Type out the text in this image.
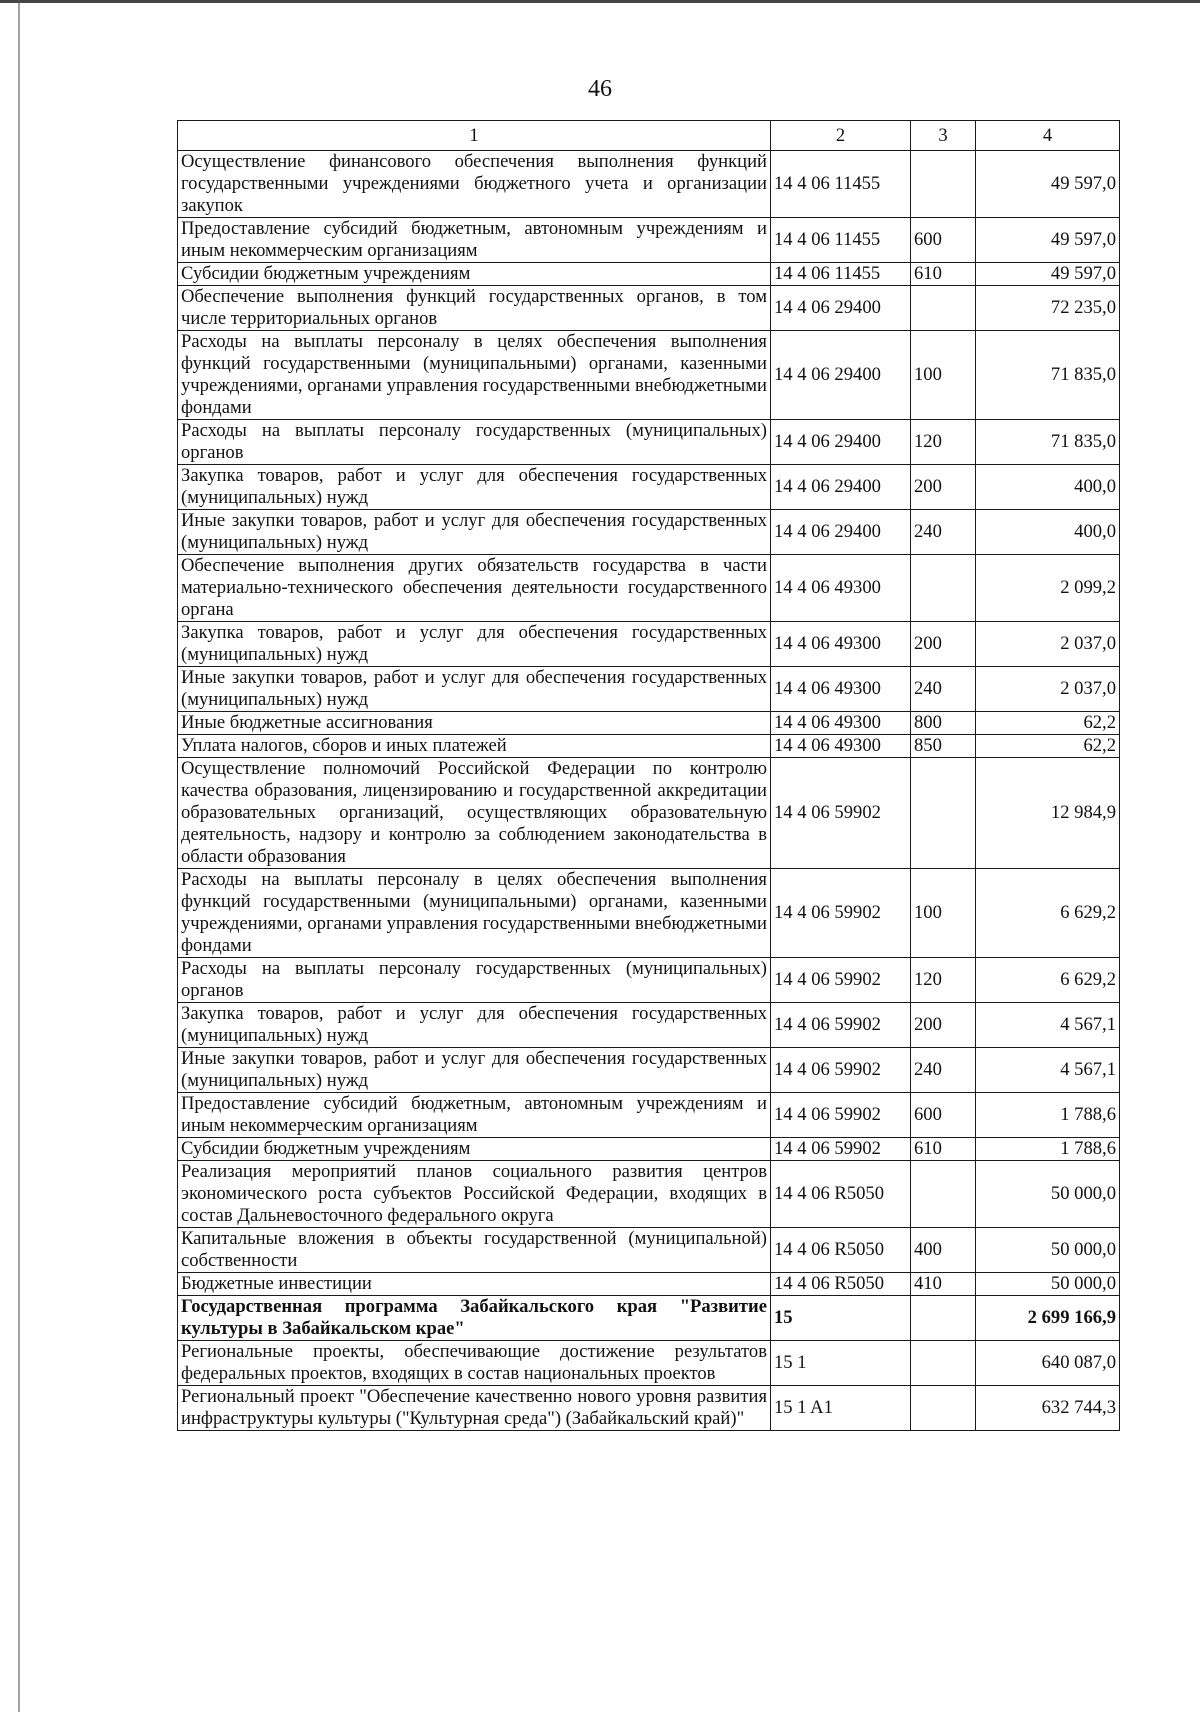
46
1	2	3	4
Осуществление финансового обеспечения выполнения функций государственными учреждениями бюджетного учета и организации закупок	14 4 06 11455		49 597,0
Предоставление субсидий бюджетным, автономным учреждениям и иным некоммерческим организациям	14 4 06 11455	600	49 597,0
Субсидии бюджетным учреждениям	14 4 06 11455	610	49 597,0
Обеспечение выполнения функций государственных органов, в том числе территориальных органов	14 4 06 29400		72 235,0
Расходы на выплаты персоналу в целях обеспечения выполнения функций государственными (муниципальными) органами, казенными учреждениями, органами управления государственными внебюджетными фондами	14 4 06 29400	100	71 835,0
Расходы на выплаты персоналу государственных (муниципальных) органов	14 4 06 29400	120	71 835,0
Закупка товаров, работ и услуг для обеспечения государственных (муниципальных) нужд	14 4 06 29400	200	400,0
Иные закупки товаров, работ и услуг для обеспечения государственных (муниципальных) нужд	14 4 06 29400	240	400,0
Обеспечение выполнения других обязательств государства в части материально-технического обеспечения деятельности государственного органа	14 4 06 49300		2 099,2
Закупка товаров, работ и услуг для обеспечения государственных (муниципальных) нужд	14 4 06 49300	200	2 037,0
Иные закупки товаров, работ и услуг для обеспечения государственных (муниципальных) нужд	14 4 06 49300	240	2 037,0
Иные бюджетные ассигнования	14 4 06 49300	800	62,2
Уплата налогов, сборов и иных платежей	14 4 06 49300	850	62,2
Осуществление полномочий Российской Федерации по контролю качества образования, лицензированию и государственной аккредитации образовательных организаций, осуществляющих образовательную деятельность, надзору и контролю за соблюдением законодательства в области образования	14 4 06 59902		12 984,9
Расходы на выплаты персоналу в целях обеспечения выполнения функций государственными (муниципальными) органами, казенными учреждениями, органами управления государственными внебюджетными фондами	14 4 06 59902	100	6 629,2
Расходы на выплаты персоналу государственных (муниципальных) органов	14 4 06 59902	120	6 629,2
Закупка товаров, работ и услуг для обеспечения государственных (муниципальных) нужд	14 4 06 59902	200	4 567,1
Иные закупки товаров, работ и услуг для обеспечения государственных (муниципальных) нужд	14 4 06 59902	240	4 567,1
Предоставление субсидий бюджетным, автономным учреждениям и иным некоммерческим организациям	14 4 06 59902	600	1 788,6
Субсидии бюджетным учреждениям	14 4 06 59902	610	1 788,6
Реализация мероприятий планов социального развития центров экономического роста субъектов Российской Федерации, входящих в состав Дальневосточного федерального округа	14 4 06 R5050		50 000,0
Капитальные вложения в объекты государственной (муниципальной) собственности	14 4 06 R5050	400	50 000,0
Бюджетные инвестиции	14 4 06 R5050	410	50 000,0
Государственная программа Забайкальского края "Развитие культуры в Забайкальском крае"	15		2 699 166,9
Региональные проекты, обеспечивающие достижение результатов федеральных проектов, входящих в состав национальных проектов	15 1		640 087,0
Региональный проект "Обеспечение качественно нового уровня развития инфраструктуры культуры ("Культурная среда") (Забайкальский край)"	15 1 A1		632 744,3
